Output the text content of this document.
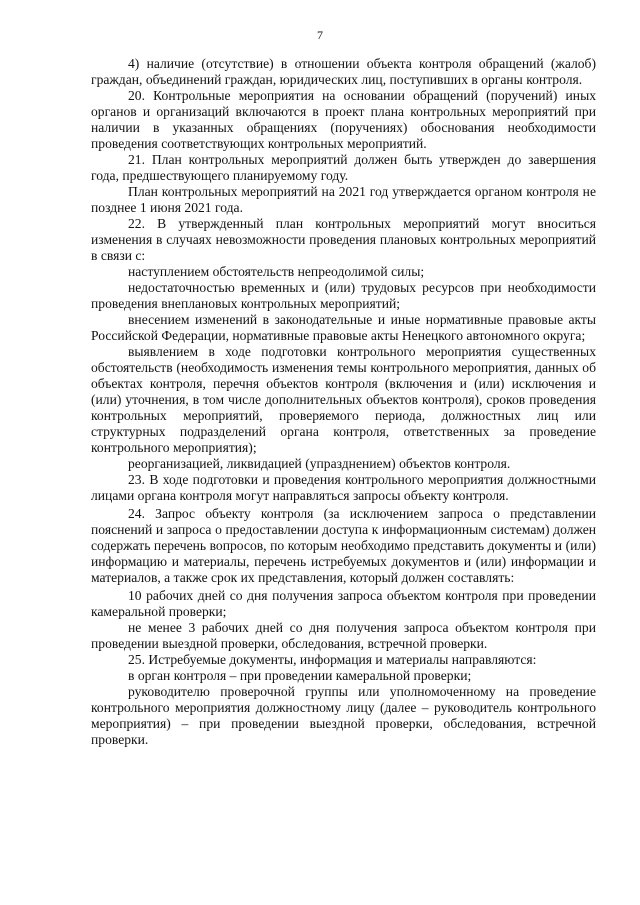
7

4) наличие (отсутствие) в отношении объекта контроля обращений (жалоб) граждан, объединений граждан, юридических лиц, поступивших в органы контроля.

20. Контрольные мероприятия на основании обращений (поручений) иных органов и организаций включаются в проект плана контрольных мероприятий при наличии в указанных обращениях (поручениях) обоснования необходимости проведения соответствующих контрольных мероприятий.

21. План контрольных мероприятий должен быть утвержден до завершения года, предшествующего планируемому году.

План контрольных мероприятий на 2021 год утверждается органом контроля не позднее 1 июня 2021 года.

22. В утвержденный план контрольных мероприятий могут вноситься изменения в случаях невозможности проведения плановых контрольных мероприятий в связи с:

наступлением обстоятельств непреодолимой силы;

недостаточностью временных и (или) трудовых ресурсов при необходимости проведения внеплановых контрольных мероприятий;

внесением изменений в законодательные и иные нормативные правовые акты Российской Федерации, нормативные правовые акты Ненецкого автономного округа;

выявлением в ходе подготовки контрольного мероприятия существенных обстоятельств (необходимость изменения темы контрольного мероприятия, данных об объектах контроля, перечня объектов контроля (включения и (или) исключения и (или) уточнения, в том числе дополнительных объектов контроля), сроков проведения контрольных мероприятий, проверяемого периода, должностных лиц или структурных подразделений органа контроля, ответственных за проведение контрольного мероприятия);

реорганизацией, ликвидацией (упразднением) объектов контроля.

23. В ходе подготовки и проведения контрольного мероприятия должностными лицами органа контроля могут направляться запросы объекту контроля.

24. Запрос объекту контроля (за исключением запроса о представлении пояснений и запроса о предоставлении доступа к информационным системам) должен содержать перечень вопросов, по которым необходимо представить документы и (или) информацию и материалы, перечень истребуемых документов и (или) информации и материалов, а также срок их представления, который должен составлять:

10 рабочих дней со дня получения запроса объектом контроля при проведении камеральной проверки;

не менее 3 рабочих дней со дня получения запроса объектом контроля при проведении выездной проверки, обследования, встречной проверки.

25. Истребуемые документы, информация и материалы направляются:

в орган контроля – при проведении камеральной проверки;

руководителю проверочной группы или уполномоченному на проведение контрольного мероприятия должностному лицу (далее – руководитель контрольного мероприятия) – при проведении выездной проверки, обследования, встречной проверки.
